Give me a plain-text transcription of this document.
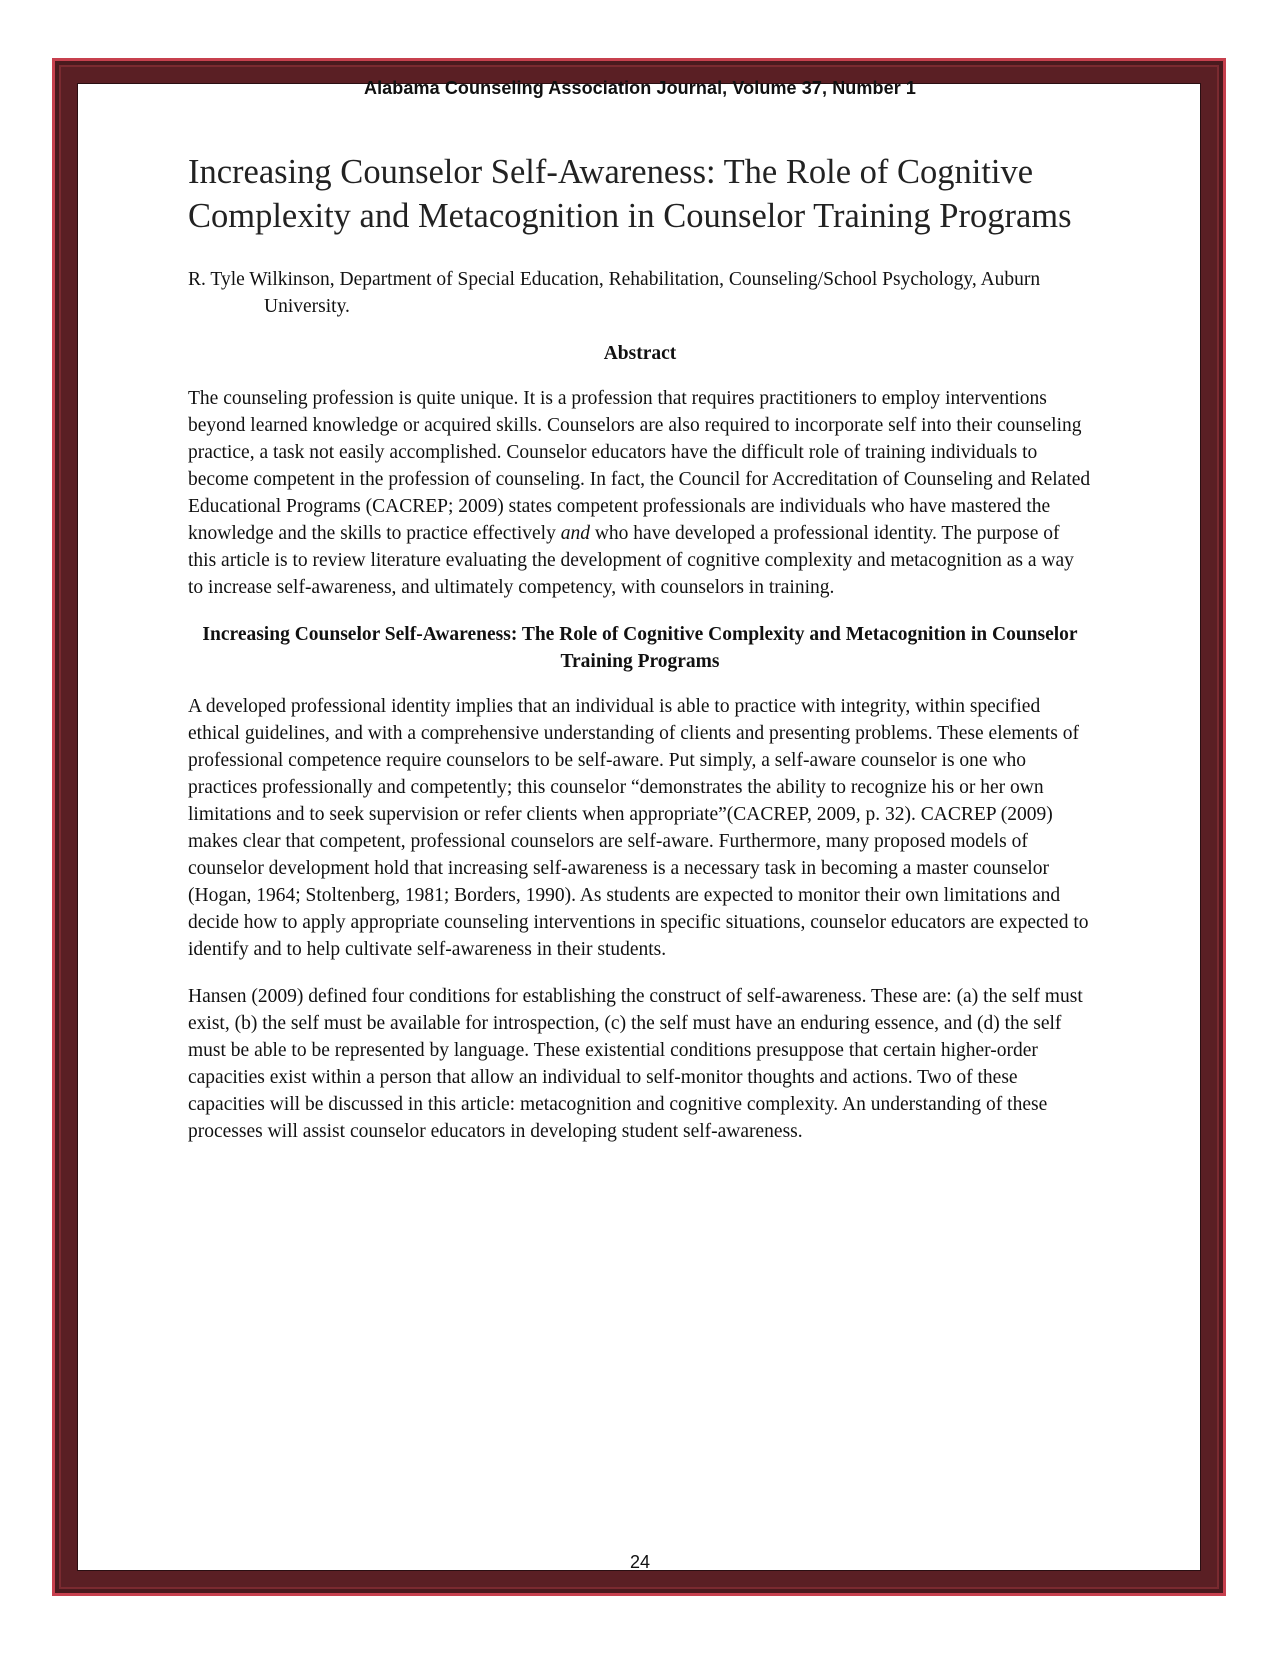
Alabama Counseling Association Journal, Volume 37, Number 1
Increasing Counselor Self-Awareness: The Role of Cognitive Complexity and Metacognition in Counselor Training Programs

R. Tyle Wilkinson, Department of Special Education, Rehabilitation, Counseling/School Psychology, Auburn University.

Abstract

The counseling profession is quite unique. It is a profession that requires practitioners to employ interventions beyond learned knowledge or acquired skills. Counselors are also required to incorporate self into their counseling practice, a task not easily accomplished. Counselor educators have the difficult role of training individuals to become competent in the profession of counseling. In fact, the Council for Accreditation of Counseling and Related Educational Programs (CACREP; 2009) states competent professionals are individuals who have mastered the knowledge and the skills to practice effectively and who have developed a professional identity. The purpose of this article is to review literature evaluating the development of cognitive complexity and metacognition as a way to increase self-awareness, and ultimately competency, with counselors in training.

Increasing Counselor Self-Awareness: The Role of Cognitive Complexity and Metacognition in Counselor Training Programs

A developed professional identity implies that an individual is able to practice with integrity, within specified ethical guidelines, and with a comprehensive understanding of clients and presenting problems. These elements of professional competence require counselors to be self-aware. Put simply, a self-aware counselor is one who practices professionally and competently; this counselor “demonstrates the ability to recognize his or her own limitations and to seek supervision or refer clients when appropriate”(CACREP, 2009, p. 32). CACREP (2009) makes clear that competent, professional counselors are self-aware. Furthermore, many proposed models of counselor development hold that increasing self-awareness is a necessary task in becoming a master counselor (Hogan, 1964; Stoltenberg, 1981; Borders, 1990). As students are expected to monitor their own limitations and decide how to apply appropriate counseling interventions in specific situations, counselor educators are expected to identify and to help cultivate self-awareness in their students.

Hansen (2009) defined four conditions for establishing the construct of self-awareness. These are: (a) the self must exist, (b) the self must be available for introspection, (c) the self must have an enduring essence, and (d) the self must be able to be represented by language. These existential conditions presuppose that certain higher-order capacities exist within a person that allow an individual to self-monitor thoughts and actions. Two of these capacities will be discussed in this article: metacognition and cognitive complexity. An understanding of these processes will assist counselor educators in developing student self-awareness.

24
